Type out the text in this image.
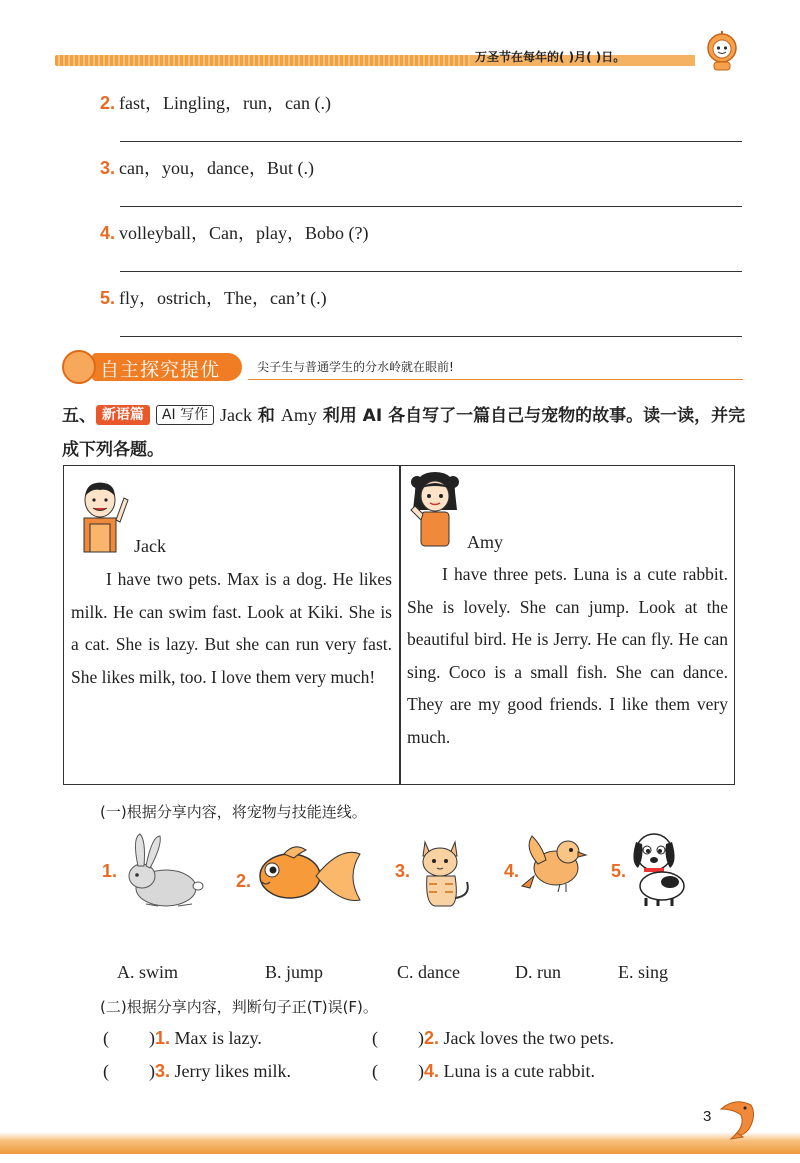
万圣节在每年的( )月( )日。
2. fast，Lingling，run，can (.)
3. can，you，dance，But (.)
4. volleyball，Can，play，Bobo (?)
5. fly，ostrich，The，can’t (.)
自主探究提优	尖子生与普通学生的分水岭就在眼前!
五、 新语篇 AI 写作 Jack 和 Amy 利用 AI 各自写了一篇自己与宠物的故事。读一读，并完成下列各题。
Jack
I have two pets. Max is a dog. He likes milk. He can swim fast. Look at Kiki. She is a cat. She is lazy. But she can run very fast. She likes milk, too. I love them very much!
Amy
I have three pets. Luna is a cute rabbit. She is lovely. She can jump. Look at the beautiful bird. He is Jerry. He can fly. He can sing. Coco is a small fish. She can dance. They are my good friends. I like them very much.
(一)根据分享内容，将宠物与技能连线。
1.	2.	3.	4.	5.
A. swim	B. jump	C. dance	D. run	E. sing
(二)根据分享内容，判断句子正(T)误(F)。
( )1. Max is lazy.	( )2. Jack loves the two pets.
( )3. Jerry likes milk.	( )4. Luna is a cute rabbit.
3
